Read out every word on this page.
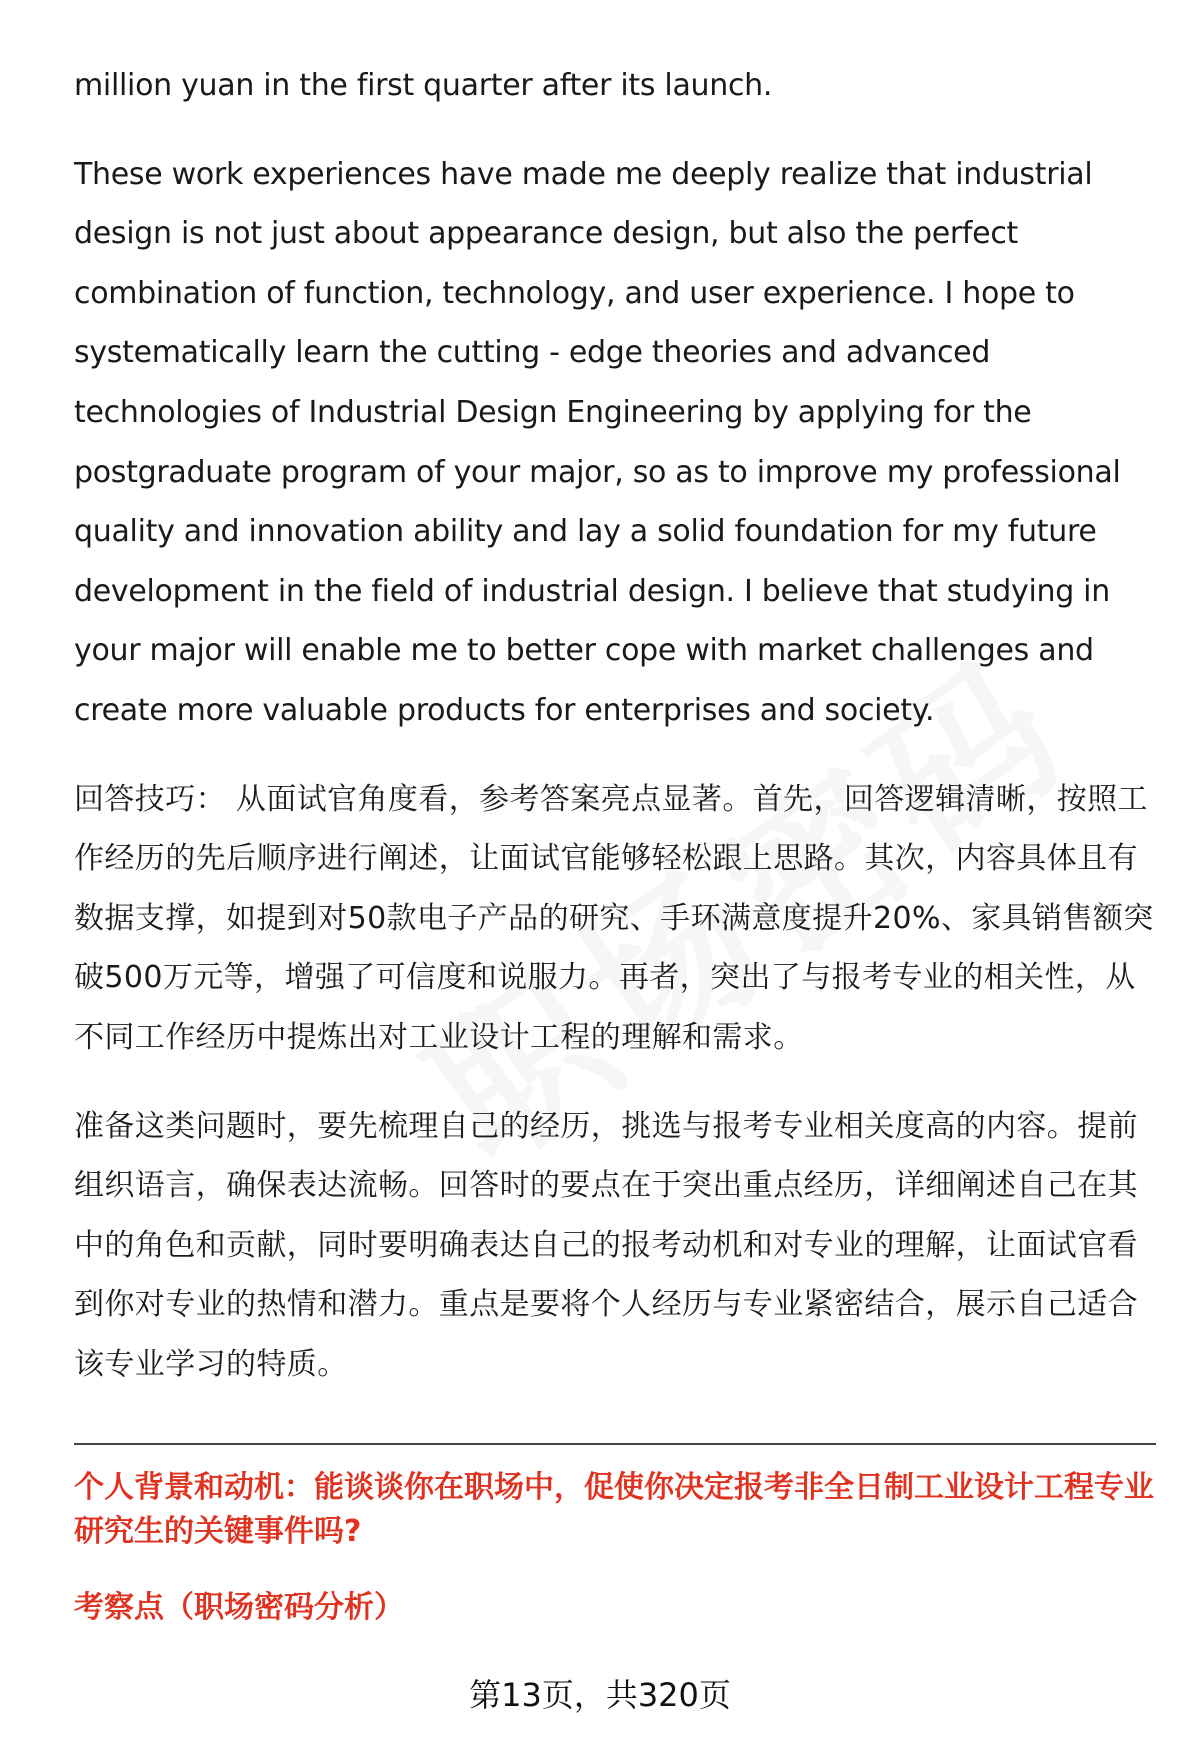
million yuan in the first quarter after its launch.

These work experiences have made me deeply realize that industrial design is not just about appearance design, but also the perfect combination of function, technology, and user experience. I hope to systematically learn the cutting - edge theories and advanced technologies of Industrial Design Engineering by applying for the postgraduate program of your major, so as to improve my professional quality and innovation ability and lay a solid foundation for my future development in the field of industrial design. I believe that studying in your major will enable me to better cope with market challenges and create more valuable products for enterprises and society.

回答技巧： 从面试官角度看，参考答案亮点显著。首先，回答逻辑清晰，按照工作经历的先后顺序进行阐述，让面试官能够轻松跟上思路。其次，内容具体且有数据支撑，如提到对50款电子产品的研究、手环满意度提升20%、家具销售额突破500万元等，增强了可信度和说服力。再者，突出了与报考专业的相关性，从不同工作经历中提炼出对工业设计工程的理解和需求。

准备这类问题时，要先梳理自己的经历，挑选与报考专业相关度高的内容。提前组织语言，确保表达流畅。回答时的要点在于突出重点经历，详细阐述自己在其中的角色和贡献，同时要明确表达自己的报考动机和对专业的理解，让面试官看到你对专业的热情和潜力。重点是要将个人经历与专业紧密结合，展示自己适合该专业学习的特质。

个人背景和动机：能谈谈你在职场中，促使你决定报考非全日制工业设计工程专业研究生的关键事件吗?

考察点（职场密码分析）

第13页，共320页
